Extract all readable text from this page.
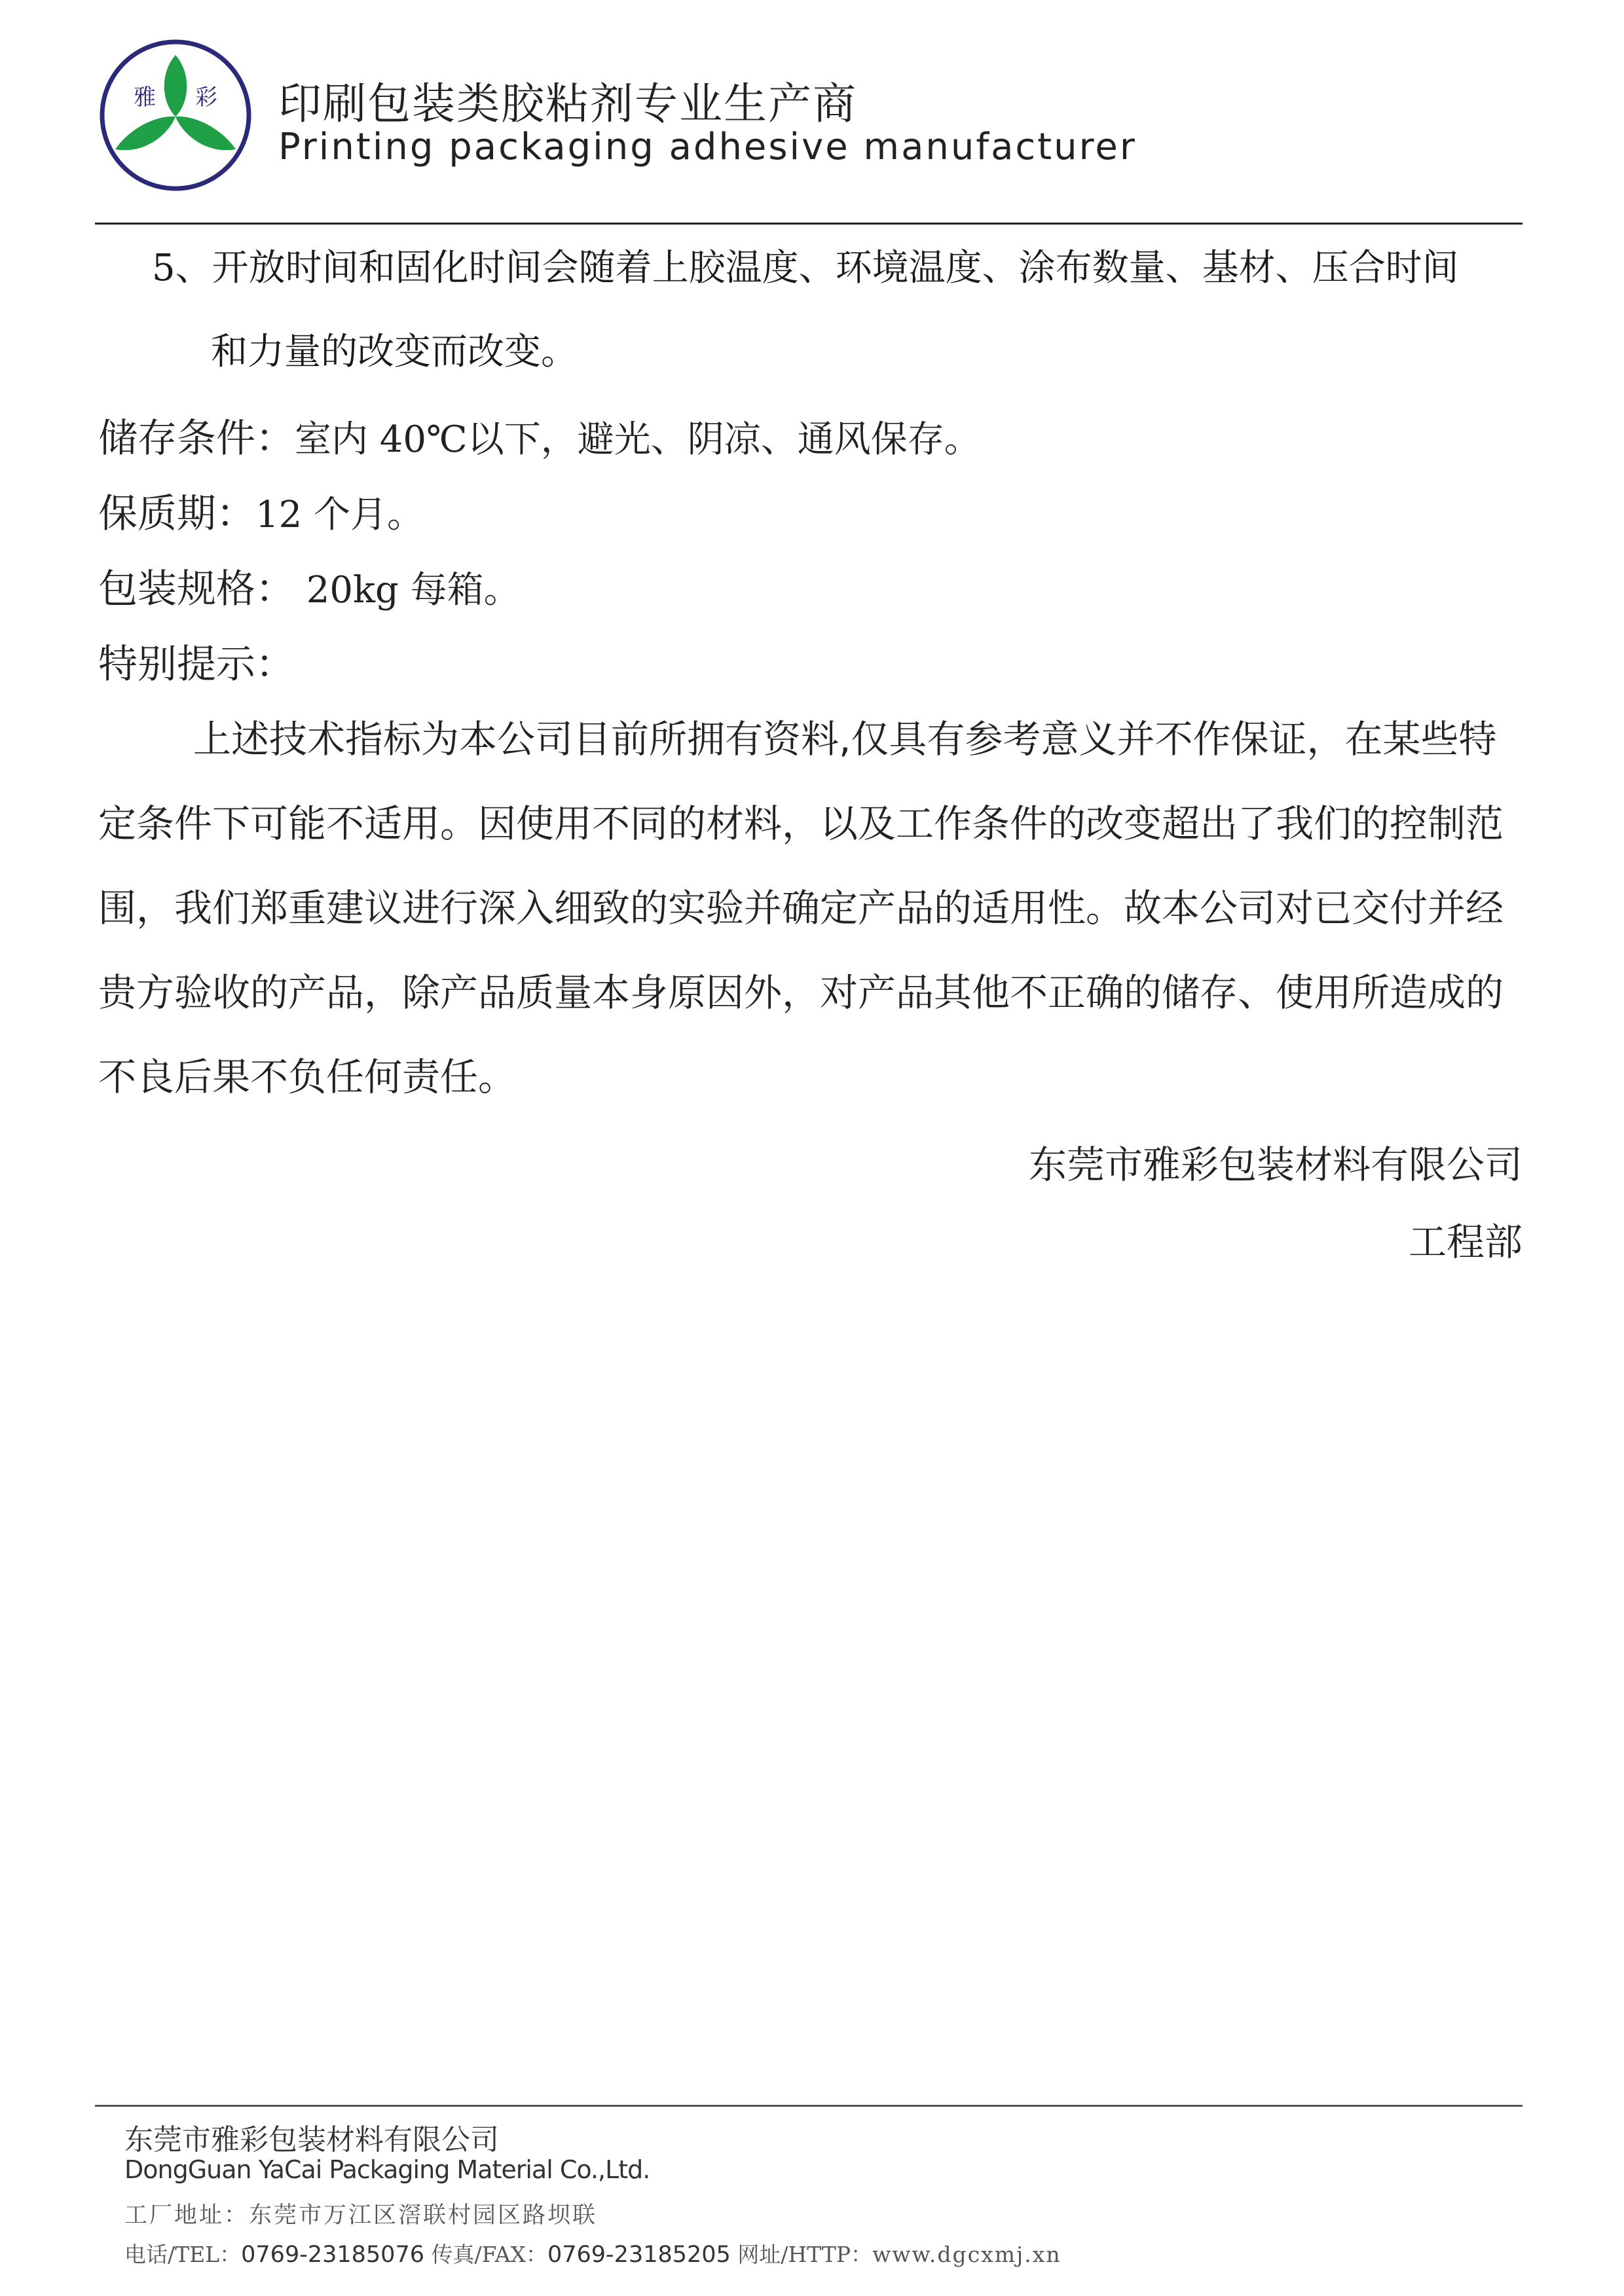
雅 彩 印刷包装类胶粘剂专业生产商
Printing packaging adhesive manufacturer
5、开放时间和固化时间会随着上胶温度、环境温度、涂布数量、基材、压合时间
和力量的改变而改变。
储存条件：室内 40℃以下，避光、阴凉、通风保存。
保质期：12 个月。
包装规格： 20kg 每箱。
特别提示：
上述技术指标为本公司目前所拥有资料,仅具有参考意义并不作保证，在某些特
定条件下可能不适用。因使用不同的材料，以及工作条件的改变超出了我们的控制范
围，我们郑重建议进行深入细致的实验并确定产品的适用性。故本公司对已交付并经
贵方验收的产品，除产品质量本身原因外，对产品其他不正确的储存、使用所造成的
不良后果不负任何责任。
东莞市雅彩包装材料有限公司
工程部
东莞市雅彩包装材料有限公司
DongGuan YaCai Packaging Material Co.,Ltd.
工厂地址：东莞市万江区滘联村园区路坝联
电话/TEL：0769-23185076 传真/FAX：0769-23185205 网址/HTTP：www.dgcxmj.xn
